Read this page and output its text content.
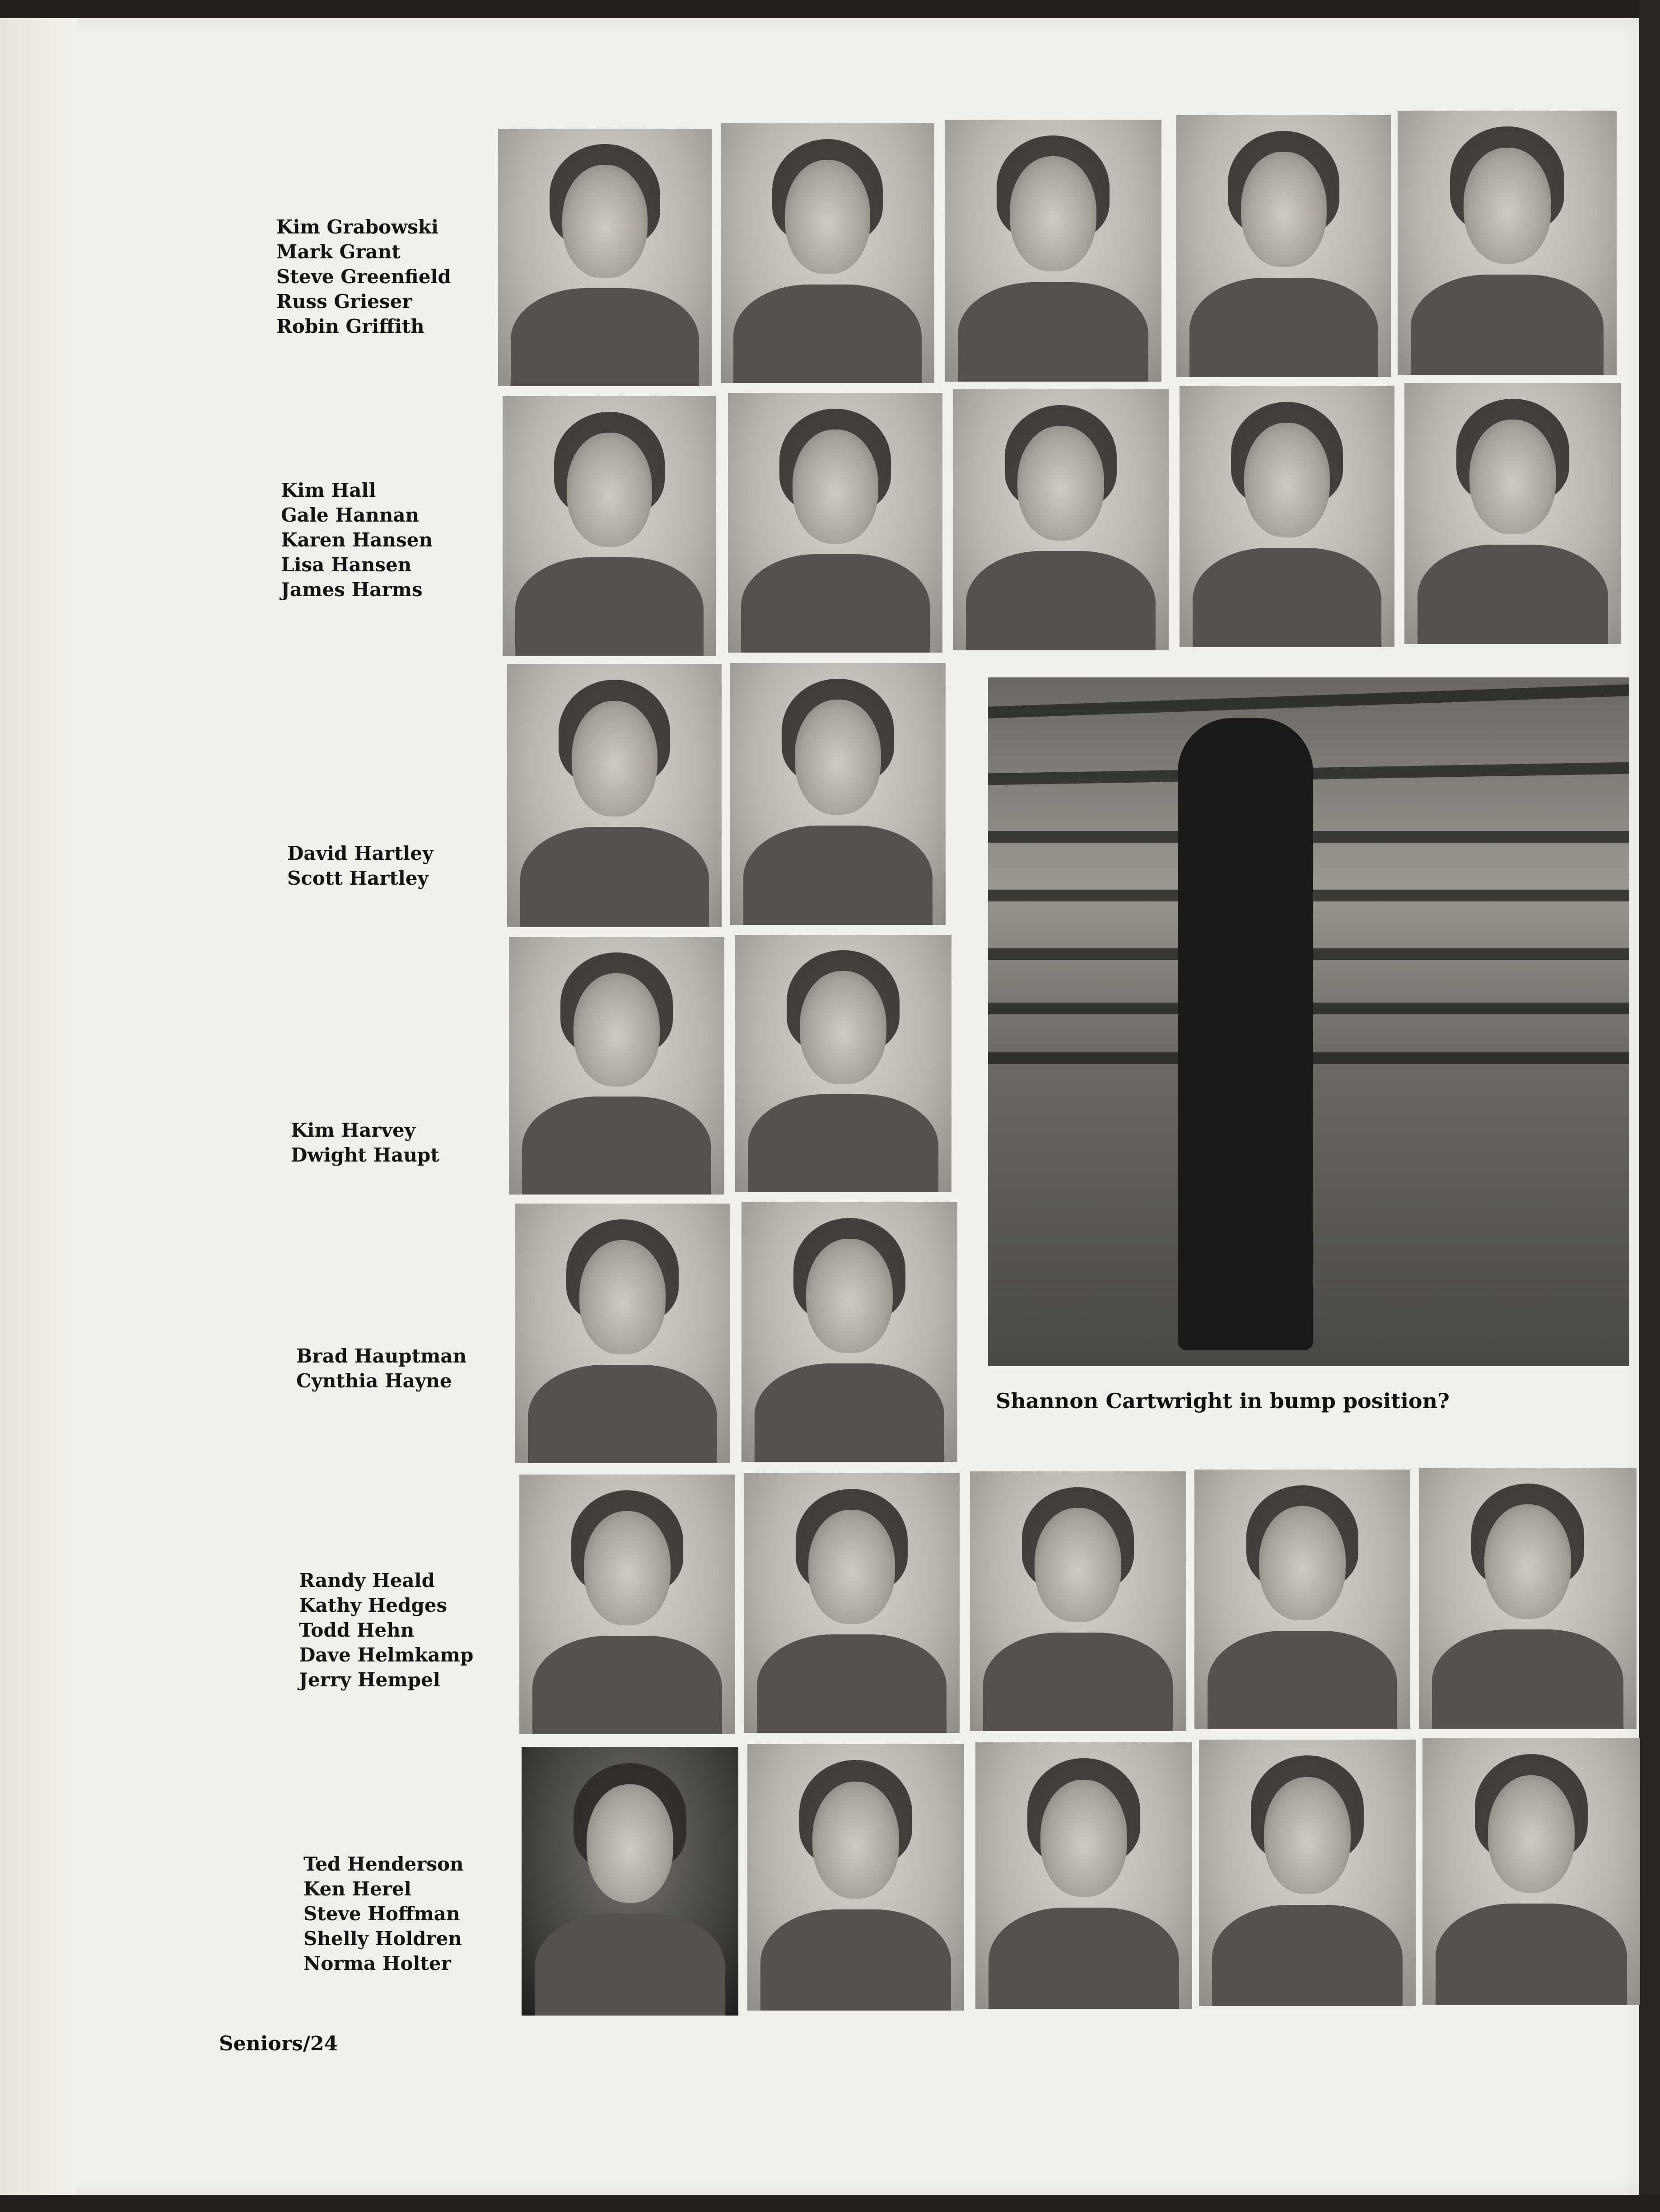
Kim Grabowski
Mark Grant
Steve Greenfield
Russ Grieser
Robin Griffith
Kim Hall
Gale Hannan
Karen Hansen
Lisa Hansen
James Harms
David Hartley
Scott Hartley
Kim Harvey
Dwight Haupt
Brad Hauptman
Cynthia Hayne
Randy Heald
Kathy Hedges
Todd Hehn
Dave Helmkamp
Jerry Hempel
Ted Henderson
Ken Herel
Steve Hoffman
Shelly Holdren
Norma Holter
Shannon Cartwright in bump position?
Seniors/24
